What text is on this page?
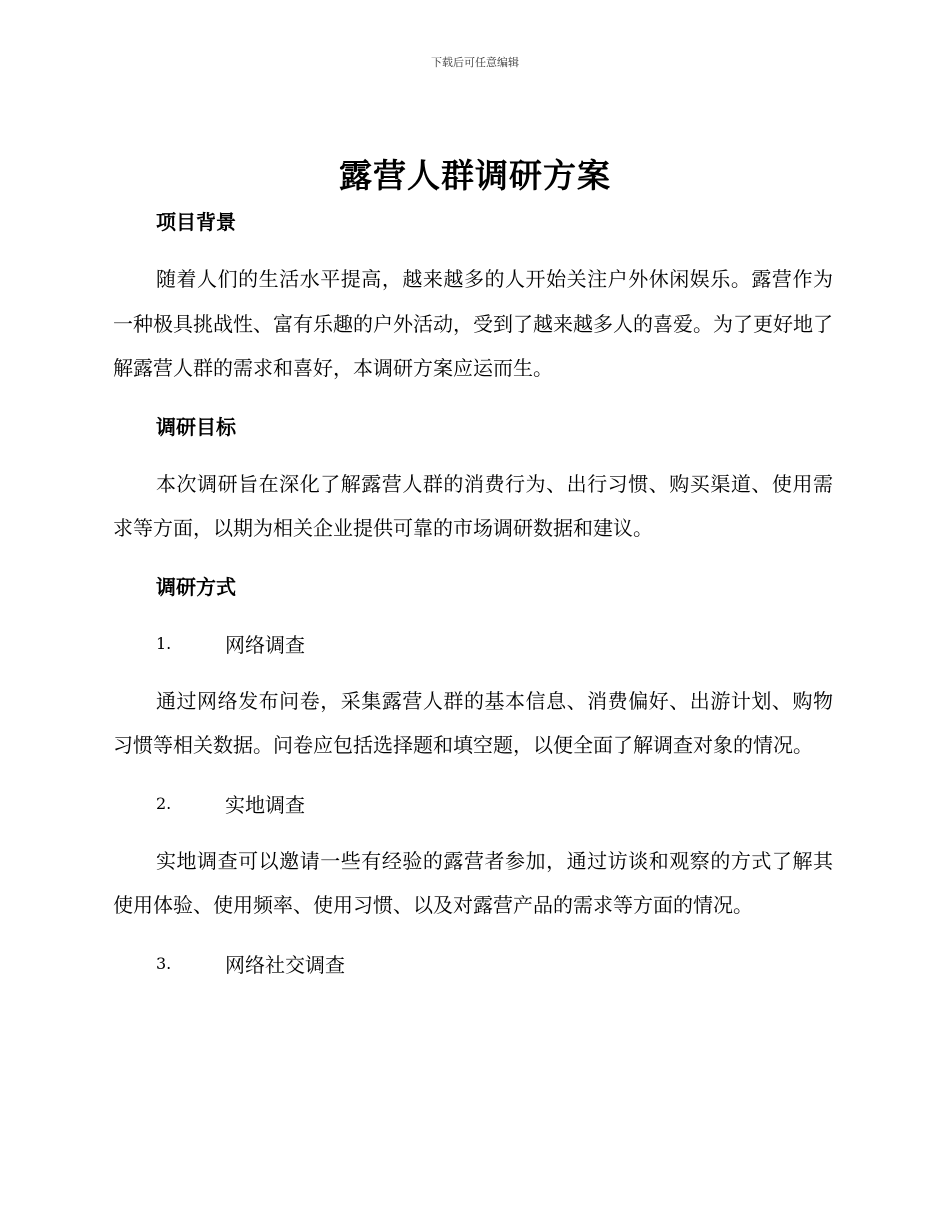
下载后可任意编辑
露营人群调研方案

项目背景

随着人们的生活水平提高，越来越多的人开始关注户外休闲娱乐。露营作为一种极具挑战性、富有乐趣的户外活动，受到了越来越多人的喜爱。为了更好地了解露营人群的需求和喜好，本调研方案应运而生。

调研目标

本次调研旨在深化了解露营人群的消费行为、出行习惯、购买渠道、使用需求等方面，以期为相关企业提供可靠的市场调研数据和建议。

调研方式

1.	网络调查

通过网络发布问卷，采集露营人群的基本信息、消费偏好、出游计划、购物习惯等相关数据。问卷应包括选择题和填空题，以便全面了解调查对象的情况。

2.	实地调查

实地调查可以邀请一些有经验的露营者参加，通过访谈和观察的方式了解其使用体验、使用频率、使用习惯、以及对露营产品的需求等方面的情况。

3.	网络社交调查
